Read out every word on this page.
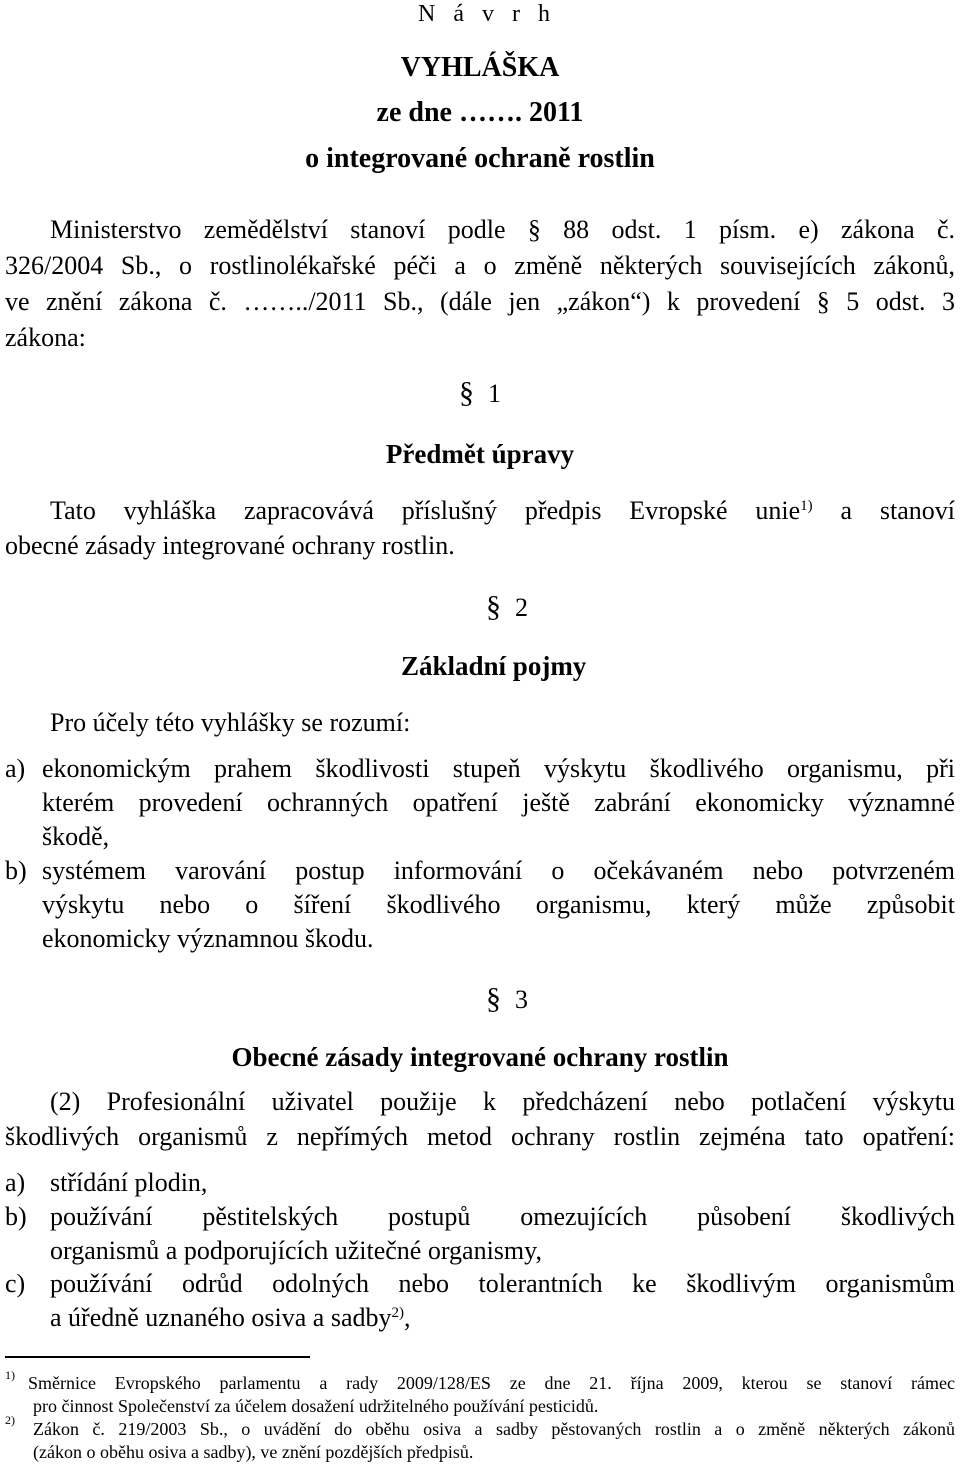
N á v r h
VYHLÁŠKA
ze dne ……. 2011
o integrované ochraně rostlin
Ministerstvo zemědělství stanoví podle § 88 odst. 1 písm. e) zákona č.
326/2004 Sb., o rostlinolékařské péči a o změně některých souvisejících zákonů,
ve znění zákona č. ……../2011 Sb., (dále jen „zákon“) k provedení § 5 odst. 3
zákona:
§ 1
Předmět úpravy
Tato vyhláška zapracovává příslušný předpis Evropské unie$^{1)}$ a stanoví
obecné zásady integrované ochrany rostlin.
§ 2
Základní pojmy
Pro účely této vyhlášky se rozumí:
a) ekonomickým prahem škodlivosti stupeň výskytu škodlivého organismu, při
kterém provedení ochranných opatření ještě zabrání ekonomicky významné
škodě,
b) systémem varování postup informování o očekávaném nebo potvrzeném
výskytu nebo o šíření škodlivého organismu, který může způsobit
ekonomicky významnou škodu.
§ 3
Obecné zásady integrované ochrany rostlin
(2) Profesionální uživatel použije k předcházení nebo potlačení výskytu
škodlivých organismů z nepřímých metod ochrany rostlin zejména tato opatření:
a) střídání plodin,
b) používání pěstitelských postupů omezujících působení škodlivých
organismů a podporujících užitečné organismy,
c) používání odrůd odolných nebo tolerantních ke škodlivým organismům
a úředně uznaného osiva a sadby$^{2)}$,
1) Směrnice Evropského parlamentu a rady 2009/128/ES ze dne 21. října 2009, kterou se stanoví rámec
pro činnost Společenství za účelem dosažení udržitelného používání pesticidů.
2) Zákon č. 219/2003 Sb., o uvádění do oběhu osiva a sadby pěstovaných rostlin a o změně některých zákonů
(zákon o oběhu osiva a sadby), ve znění pozdějších předpisů.
